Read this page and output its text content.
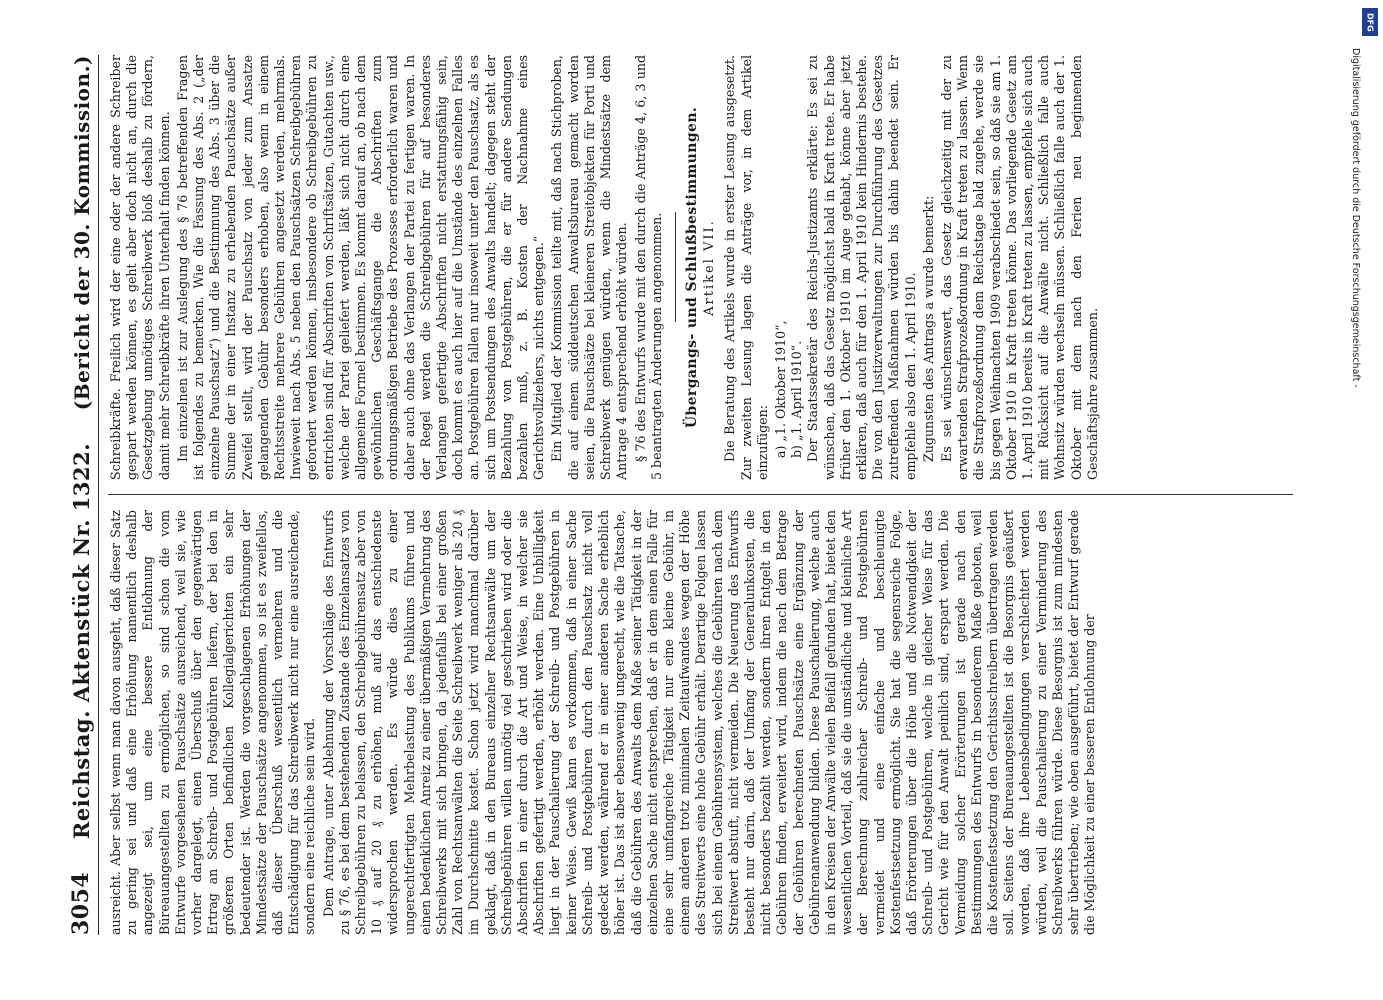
3054
Reichstag. Aktenstück Nr. 1322.
(Bericht der 30. Kommission.)

ausreicht. Aber selbst wenn man davon ausgeht, daß dieser Satz zu gering sei und daß eine Erhöhung namentlich deshalb angezeigt sei, um eine bessere Entlohnung der Büreauangestellten zu ermöglichen, so sind schon die vom Entwurfe vorgesehenen Pauschsätze ausreichend, weil sie, wie vorher dargelegt, einen Überschuß über den gegenwärtigen Ertrag an Schreib- und Postgebühren liefern, der bei den in größeren Orten befindlichen Kollegialgerichten ein sehr bedeutender ist. Werden die vorgeschlagenen Erhöhungen der Mindestsätze der Pauschsätze angenommen, so ist es zweifellos, daß dieser Überschuß wesentlich vermehren und die Entschädigung für das Schreibwerk nicht nur eine ausreichende, sondern eine reichliche sein wird. Dem Antrage, unter Ablehnung der Vorschläge des Entwurfs zu § 76, es bei dem bestehenden Zustande des Einzelansatzes von Schreibgebühren zu belassen, den Schreibgebührensatz aber von 10 ₰ auf 20 ₰ zu erhöhen, muß auf das entschiedenste widersprochen werden. Es würde dies zu einer ungerechtfertigten Mehrbelastung des Publikums führen und einen bedenklichen Anreiz zu einer übermäßigen Vermehrung des Schreibwerks mit sich bringen, da jedenfalls bei einer großen Zahl von Rechtsanwälten die Seite Schreibwerk weniger als 20 ₰ im Durchschnitte kostet. Schon jetzt wird manchmal darüber geklagt, daß in den Bureaus einzelner Rechtsanwälte um der Schreibgebühren willen unnötig viel geschrieben wird oder die Abschriften in einer durch die Art und Weise, in welcher sie Abschriften gefertigt werden, erhöht werden. Eine Unbilligkeit liegt in der Pauschalierung der Schreib- und Postgebühren in keiner Weise. Gewiß kann es vorkommen, daß in einer Sache Schreib- und Postgebühren durch den Pauschsatz nicht voll gedeckt werden, während er in einer anderen Sache erheblich höher ist. Das ist aber ebensowenig ungerecht, wie die Tatsache, daß die Gebühren des Anwalts dem Maße seiner Tätigkeit in der einzelnen Sache nicht entsprechen, daß er in dem einen Falle für eine sehr umfangreiche Tätigkeit nur eine kleine Gebühr, in einem anderen trotz minimalen Zeitaufwandes wegen der Höhe des Streitwerts eine hohe Gebühr erhält. Derartige Folgen lassen sich bei einem Gebührensystem, welches die Gebühren nach dem Streitwert abstuft, nicht vermeiden. Die Neuerung des Entwurfs besteht nur darin, daß der Umfang der Generalunkosten, die nicht besonders bezahlt werden, sondern ihren Entgelt in den Gebühren finden, erweitert wird, indem die nach dem Betrage der Gebühren berechneten Pauschsätze eine Ergänzung der Gebührenanwendung bilden. Diese Pauschalierung, welche auch in den Kreisen der Anwälte vielen Beifall gefunden hat, bietet den wesentlichen Vorteil, daß sie die umständliche und kleinliche Art der Berechnung zahlreicher Schreib- und Postgebühren vermeidet und eine einfache und beschleunigte Kostenfestsetzung ermöglicht. Sie hat die segensreiche Folge, daß Erörterungen über die Höhe und die Notwendigkeit der Schreib- und Postgebühren, welche in gleicher Weise für das Gericht wie für den Anwalt peinlich sind, erspart werden. Die Vermeidung solcher Erörterungen ist gerade nach den Bestimmungen des Entwurfs in besonderem Maße geboten, weil die Kostenfestsetzung den Gerichtsschreibern übertragen werden soll. Seitens der Bureauangestellten ist die Besorgnis geäußert worden, daß ihre Lebensbedingungen verschlechtert werden würden, weil die Pauschalierung zu einer Verminderung des Schreibwerks führen würde. Diese Besorgnis ist zum mindesten sehr übertrieben; wie oben ausgeführt, bietet der Entwurf gerade die Möglichkeit zu einer besseren Entlohnung der

Schreibkräfte. Freilich wird der eine oder der andere Schreiber gespart werden können, es geht aber doch nicht an, durch die Gesetzgebung unnötiges Schreibwerk bloß deshalb zu fördern, damit mehr Schreibkräfte ihren Unterhalt finden können. Im einzelnen ist zur Auslegung des § 76 betreffenden Fragen ist folgendes zu bemerken. Wie die Fassung des Abs. 2 („der einzelne Pauschsatz“) und die Bestimmung des Abs. 3 über die Summe der in einer Instanz zu erhebenden Pauschsätze außer Zweifel stellt, wird der Pauschsatz von jeder zum Ansatze gelangenden Gebühr besonders erhoben, also wenn in einem Rechtsstreite mehrere Gebühren angesetzt werden, mehrmals. Inwieweit nach Abs. 5 neben den Pauschsätzen Schreibgebühren gefordert werden können, insbesondere ob Schreibgebühren zu entrichten sind für Abschriften von Schriftsätzen, Gutachten usw., welche der Partei geliefert werden, läßt sich nicht durch eine allgemeine Formel bestimmen. Es kommt darauf an, ob nach dem gewöhnlichen Geschäftsgange die Abschriften zum ordnungsmäßigen Betriebe des Prozesses erforderlich waren und daher auch ohne das Verlangen der Partei zu fertigen waren. In der Regel werden die Schreibgebühren für auf besonderes Verlangen gefertigte Abschriften nicht erstattungsfähig sein, doch kommt es auch hier auf die Umstände des einzelnen Falles an. Postgebühren fallen nur insoweit unter den Pauschsatz, als es sich um Postsendungen des Anwalts handelt; dagegen steht der Bezahlung von Postgebühren, die er für andere Sendungen bezahlen muß, z. B. Kosten der Nachnahme eines Gerichtsvollziehers, nichts entgegen.“ Ein Mitglied der Kommission teilte mit, daß nach Stichproben, die auf einem süddeutschen Anwaltsbureau gemacht worden seien, die Pauschsätze bei kleineren Streitobjekten für Porti und Schreibwerk genügen würden, wenn die Mindestsätze dem Antrage 4 entsprechend erhöht würden. § 76 des Entwurfs wurde mit den durch die Anträge 4, 6, 3 und 5 beantragten Änderungen angenommen. Übergangs- und Schlußbestimmungen. Artikel VII. Die Beratung des Artikels wurde in erster Lesung ausgesetzt. Zur zweiten Lesung lagen die Anträge vor, in dem Artikel einzufügen: a) „1. Oktober 1910“, b) „1. April 1910“. Der Staatssekretär des Reichs-Justizamts erklärte: Es sei zu wünschen, daß das Gesetz möglichst bald in Kraft trete. Er habe früher den 1. Oktober 1910 im Auge gehabt, könne aber jetzt erklären, daß auch für den 1. April 1910 kein Hindernis bestehe. Die von den Justizverwaltungen zur Durchführung des Gesetzes zutreffenden Maßnahmen würden bis dahin beendet sein. Er empfehle also den 1. April 1910. Zugunsten des Antrags a wurde bemerkt: Es sei wünschenswert, das Gesetz gleichzeitig mit der zu erwartenden Strafprozeßordnung in Kraft treten zu lassen. Wenn die Strafprozeßordnung dem Reichstage bald zugehe, werde sie bis gegen Weihnachten 1909 verabschiedet sein, so daß sie am 1. Oktober 1910 in Kraft treten könne. Das vorliegende Gesetz am 1. April 1910 bereits in Kraft treten zu lassen, empfehle sich auch mit Rücksicht auf die Anwälte nicht. Schließlich falle auch Wohnsitz würden wechseln müssen. Schließlich falle auch der 1. Oktober mit dem nach den Ferien neu beginnenden Geschäftsjahre zusammen.

Digitalisierung gefördert durch die Deutsche Forschungsgemeinschaft -
DFG
